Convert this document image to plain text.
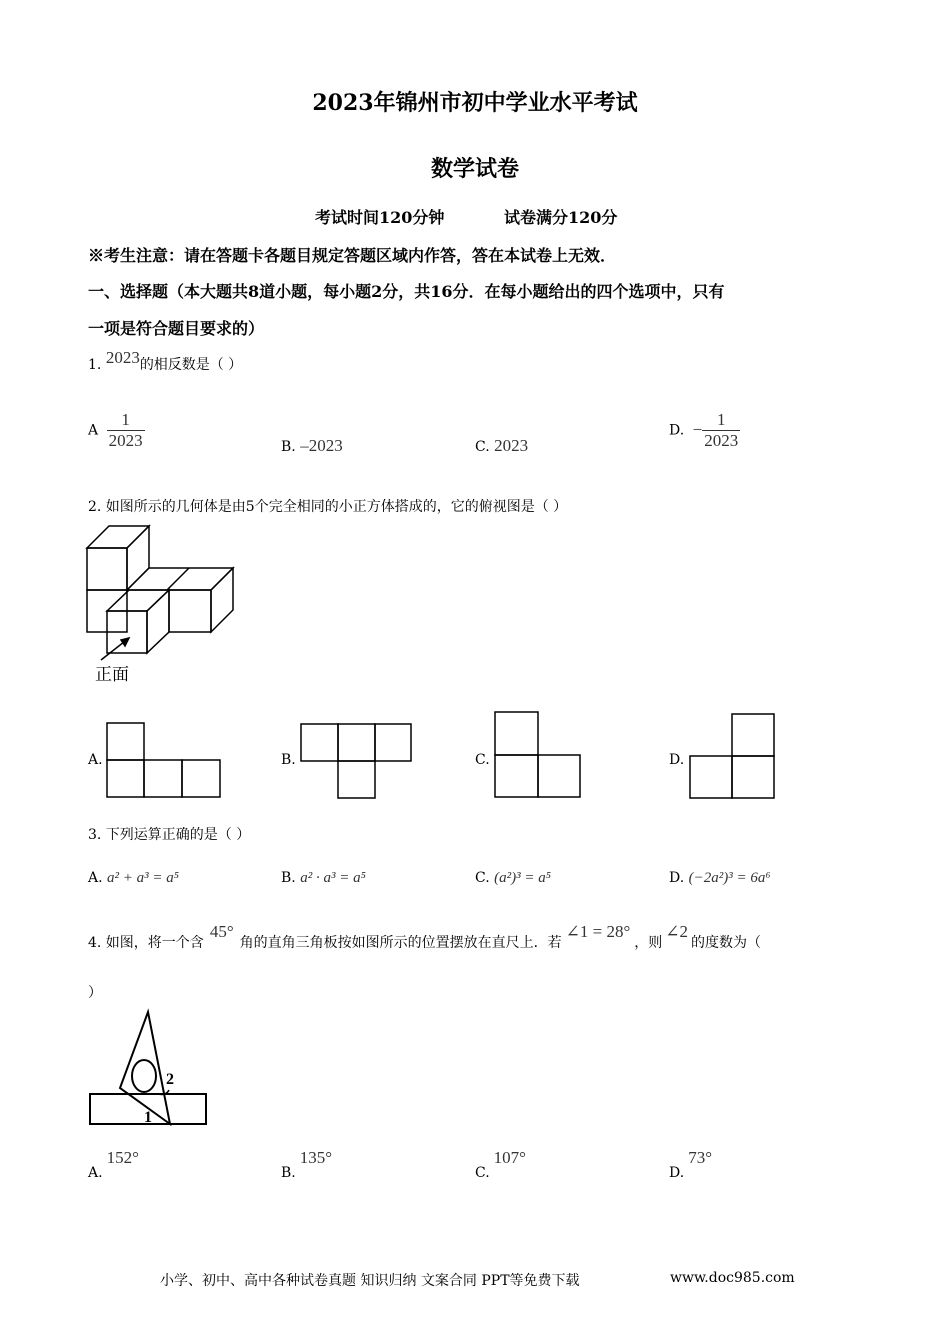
2023年锦州市初中学业水平考试
数学试卷
考试时间120分钟	试卷满分120分
※考生注意：请在答题卡各题目规定答题区域内作答，答在本试卷上无效．
一、选择题（本大题共8道小题，每小题2分，共16分．在每小题给出的四个选项中，只有
一项是符合题目要求的）
1. 2023的相反数是（ ）
A $\frac{1}{2023}$	B. –2023	C. 2023
D. − $\frac{1}{2023}$
2. 如图所示的几何体是由5个完全相同的小正方体搭成的，它的俯视图是（ ）
正面
A.	B.	C.	D.
3. 下列运算正确的是（ ）
A. a² + a³ = a⁵	B. a² · a³ = a⁵	C. (a²)³ = a⁵	D. (−2a²)³ = 6a⁶
4. 如图，将一个含45°角的直角三角板按如图所示的位置摆放在直尺上．若∠1 = 28°，则∠2的度数为（
）
2
1
A.152°
B.135°
C.107°
D.73°
小学、初中、高中各种试卷真题 知识归纳 文案合同 PPT等免费下载	www.doc985.com
